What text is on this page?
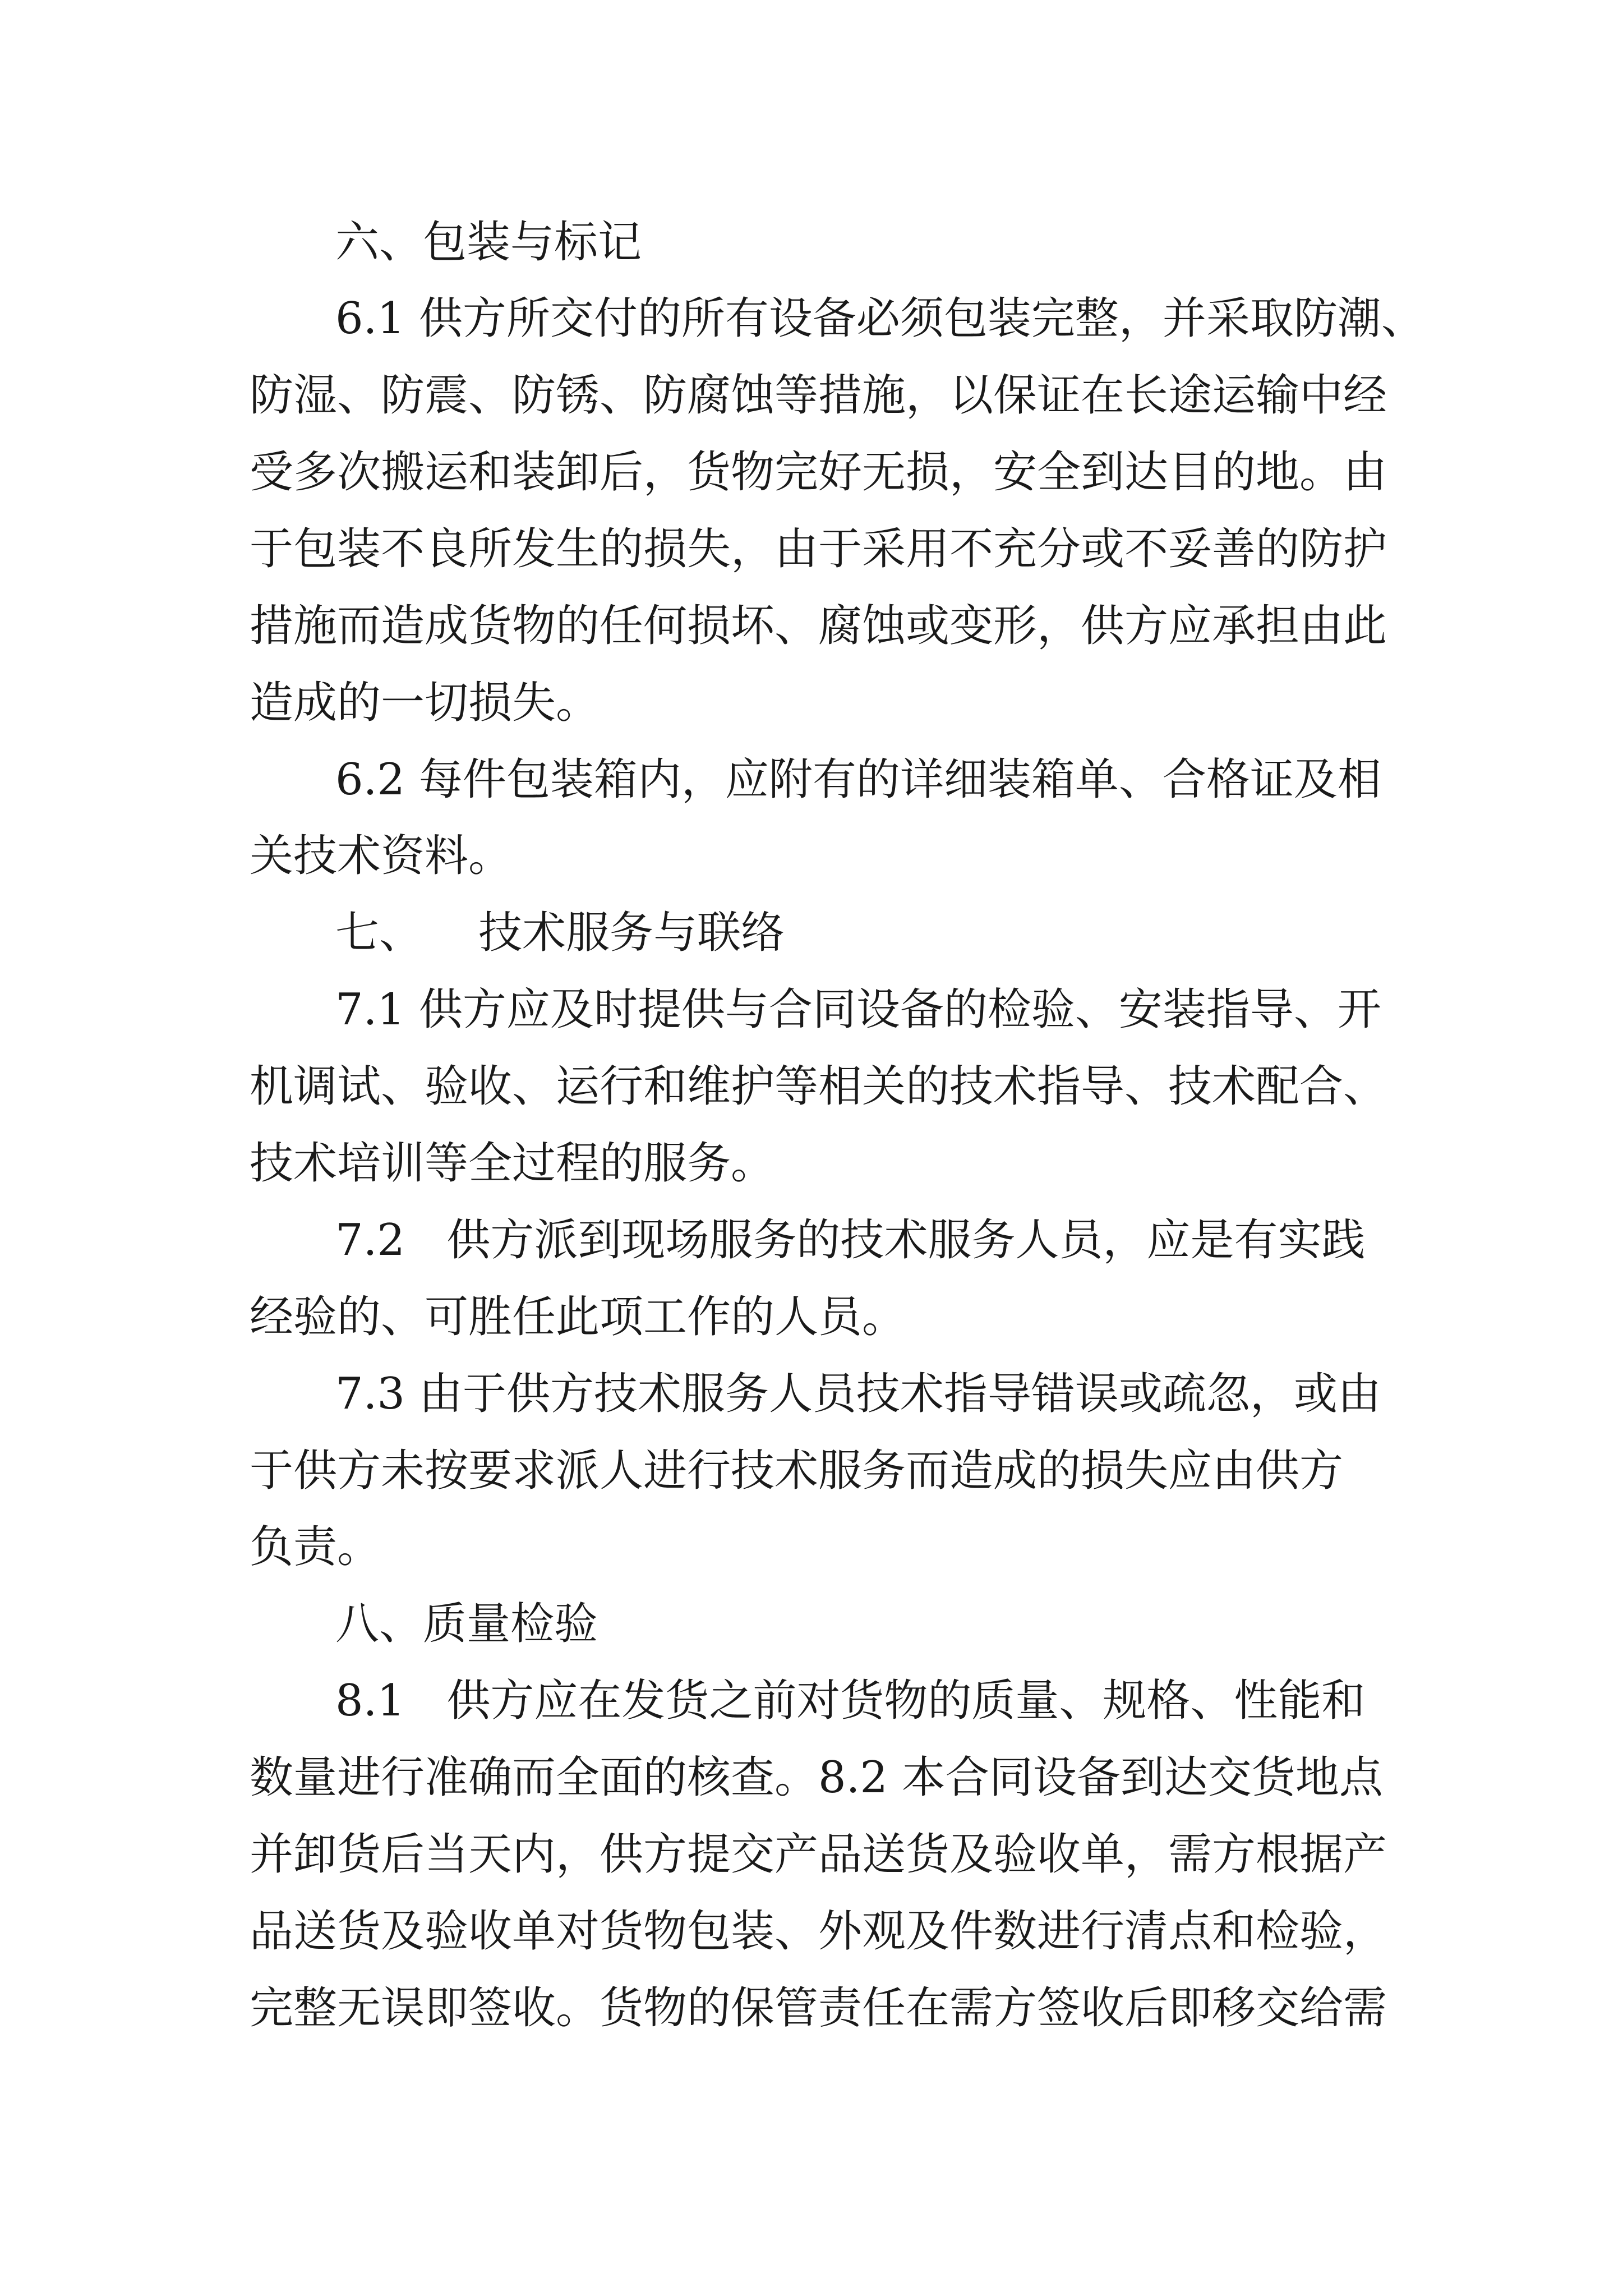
六、包装与标记

6.1 供方所交付的所有设备必须包装完整，并采取防潮、

防湿、防震、防锈、防腐蚀等措施，以保证在长途运输中经

受多次搬运和装卸后，货物完好无损，安全到达目的地。由

于包装不良所发生的损失，由于采用不充分或不妥善的防护

措施而造成货物的任何损坏、腐蚀或变形，供方应承担由此

造成的一切损失。

6.2 每件包装箱内，应附有的详细装箱单、合格证及相

关技术资料。

七、    技术服务与联络

7.1 供方应及时提供与合同设备的检验、安装指导、开

机调试、验收、运行和维护等相关的技术指导、技术配合、

技术培训等全过程的服务。

7.2   供方派到现场服务的技术服务人员，应是有实践

经验的、可胜任此项工作的人员。

7.3 由于供方技术服务人员技术指导错误或疏忽，或由

于供方未按要求派人进行技术服务而造成的损失应由供方

负责。

八、质量检验

8.1   供方应在发货之前对货物的质量、规格、性能和

数量进行准确而全面的核查。8.2 本合同设备到达交货地点

并卸货后当天内，供方提交产品送货及验收单，需方根据产

品送货及验收单对货物包装、外观及件数进行清点和检验，

完整无误即签收。货物的保管责任在需方签收后即移交给需
